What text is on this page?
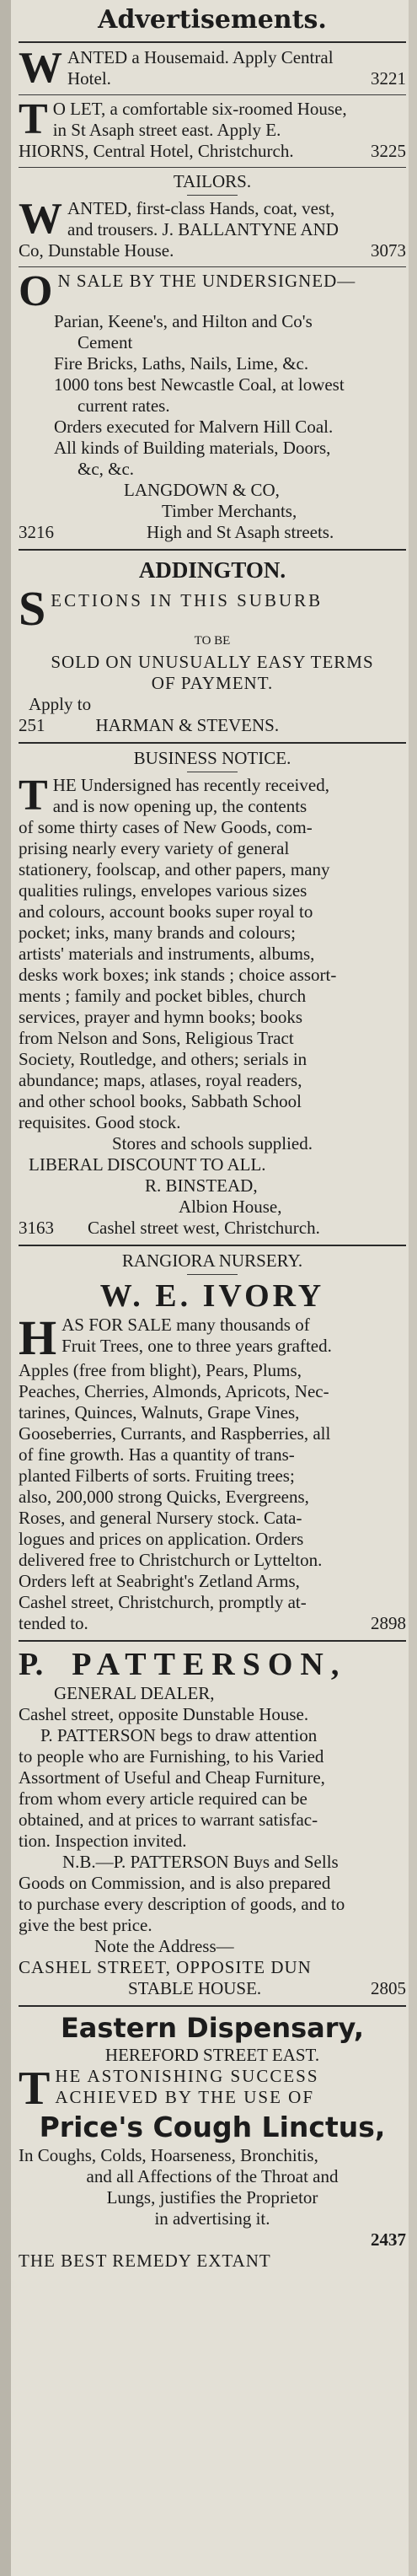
Advertisements.
W ANTED a Housemaid. Apply Central

Hotel.	3221

T O LET, a comfortable six-roomed House,

in St Asaph street east. Apply E.

HIORNS, Central Hotel, Christchurch.	3225

TAILORS.

W ANTED, first-class Hands, coat, vest,

and trousers. J. BALLANTYNE AND

Co, Dunstable House.	3073

O N SALE BY THE UNDERSIGNED—

Parian, Keene's, and Hilton and Co's

Cement

Fire Bricks, Laths, Nails, Lime, &c.

1000 tons best Newcastle Coal, at lowest

current rates.

Orders executed for Malvern Hill Coal.

All kinds of Building materials, Doors,

&c, &c.

LANGDOWN & CO,

Timber Merchants,

3216	High and St Asaph streets.

ADDINGTON.

S ECTIONS IN THIS SUBURB

TO BE

SOLD ON UNUSUALLY EASY TERMS

OF PAYMENT.

Apply to

251	HARMAN & STEVENS.

BUSINESS NOTICE.

T HE Undersigned has recently received,

and is now opening up, the contents

of some thirty cases of New Goods, com-

prising nearly every variety of general

stationery, foolscap, and other papers, many

qualities rulings, envelopes various sizes

and colours, account books super royal to

pocket; inks, many brands and colours;

artists' materials and instruments, albums,

desks work boxes; ink stands ; choice assort-

ments ; family and pocket bibles, church

services, prayer and hymn books; books

from Nelson and Sons, Religious Tract

Society, Routledge, and others; serials in

abundance; maps, atlases, royal readers,

and other school books, Sabbath School

requisites. Good stock.

Stores and schools supplied.

LIBERAL DISCOUNT TO ALL.

R. BINSTEAD,

Albion House,

3163 Cashel street west, Christchurch.

RANGIORA NURSERY.

W. E. IVORY

H AS FOR SALE many thousands of

Fruit Trees, one to three years grafted.

Apples (free from blight), Pears, Plums,

Peaches, Cherries, Almonds, Apricots, Nec-

tarines, Quinces, Walnuts, Grape Vines,

Gooseberries, Currants, and Raspberries, all

of fine growth. Has a quantity of trans-

planted Filberts of sorts. Fruiting trees;

also, 200,000 strong Quicks, Evergreens,

Roses, and general Nursery stock. Cata-

logues and prices on application. Orders

delivered free to Christchurch or Lyttelton.

Orders left at Seabright's Zetland Arms,

Cashel street, Christchurch, promptly at-

tended to.	2898

P. PATTERSON,

GENERAL DEALER,

Cashel street, opposite Dunstable House.

P. PATTERSON begs to draw attention

to people who are Furnishing, to his Varied

Assortment of Useful and Cheap Furniture,

from whom every article required can be

obtained, and at prices to warrant satisfac-

tion. Inspection invited.

N.B.—P. PATTERSON Buys and Sells

Goods on Commission, and is also prepared

to purchase every description of goods, and to

give the best price.

Note the Address—

CASHEL STREET, OPPOSITE DUN

STABLE HOUSE.	2805

Eastern Dispensary,

HEREFORD STREET EAST.

T HE ASTONISHING SUCCESS

ACHIEVED BY THE USE OF

Price's Cough Linctus,

In Coughs, Colds, Hoarseness, Bronchitis,

and all Affections of the Throat and

Lungs, justifies the Proprietor

in advertising it.

2437

THE BEST REMEDY EXTANT
